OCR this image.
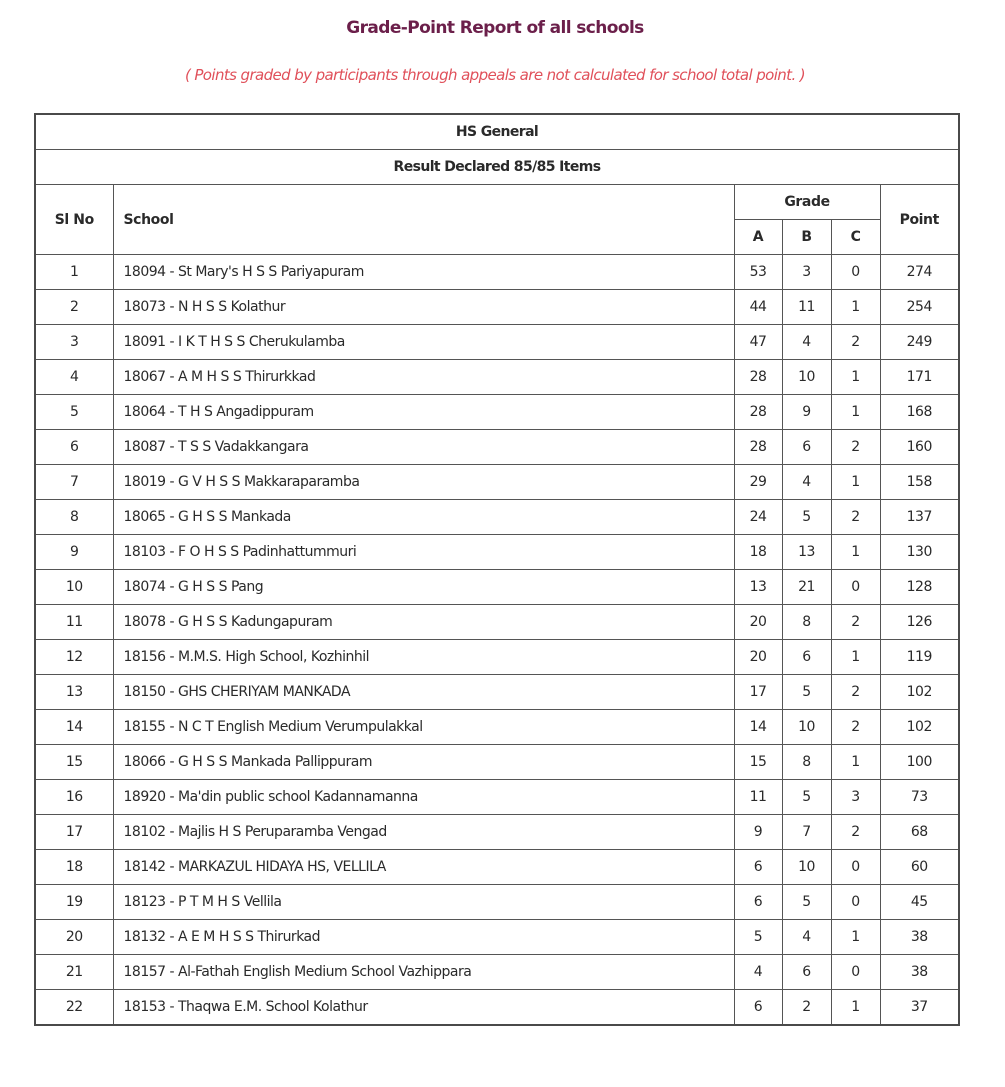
Grade-Point Report of all schools
( Points graded by participants through appeals are not calculated for school total point. )
HS General					
Result Declared 85/85 Items					
Sl No	School	Grade			Point
		A	B	C	
1	18094 - St Mary's H S S Pariyapuram	53	3	0	274
2	18073 - N H S S Kolathur	44	11	1	254
3	18091 - I K T H S S Cherukulamba	47	4	2	249
4	18067 - A M H S S Thirurkkad	28	10	1	171
5	18064 - T H S Angadippuram	28	9	1	168
6	18087 - T S S Vadakkangara	28	6	2	160
7	18019 - G V H S S Makkaraparamba	29	4	1	158
8	18065 - G H S S Mankada	24	5	2	137
9	18103 - F O H S S Padinhattummuri	18	13	1	130
10	18074 - G H S S Pang	13	21	0	128
11	18078 - G H S S Kadungapuram	20	8	2	126
12	18156 - M.M.S. High School, Kozhinhil	20	6	1	119
13	18150 - GHS CHERIYAM MANKADA	17	5	2	102
14	18155 - N C T English Medium Verumpulakkal	14	10	2	102
15	18066 - G H S S Mankada Pallippuram	15	8	1	100
16	18920 - Ma'din public school Kadannamanna	11	5	3	73
17	18102 - Majlis H S Peruparamba Vengad	9	7	2	68
18	18142 - MARKAZUL HIDAYA HS, VELLILA	6	10	0	60
19	18123 - P T M H S Vellila	6	5	0	45
20	18132 - A E M H S S Thirurkad	5	4	1	38
21	18157 - Al-Fathah English Medium School Vazhippara	4	6	0	38
22	18153 - Thaqwa E.M. School Kolathur	6	2	1	37
